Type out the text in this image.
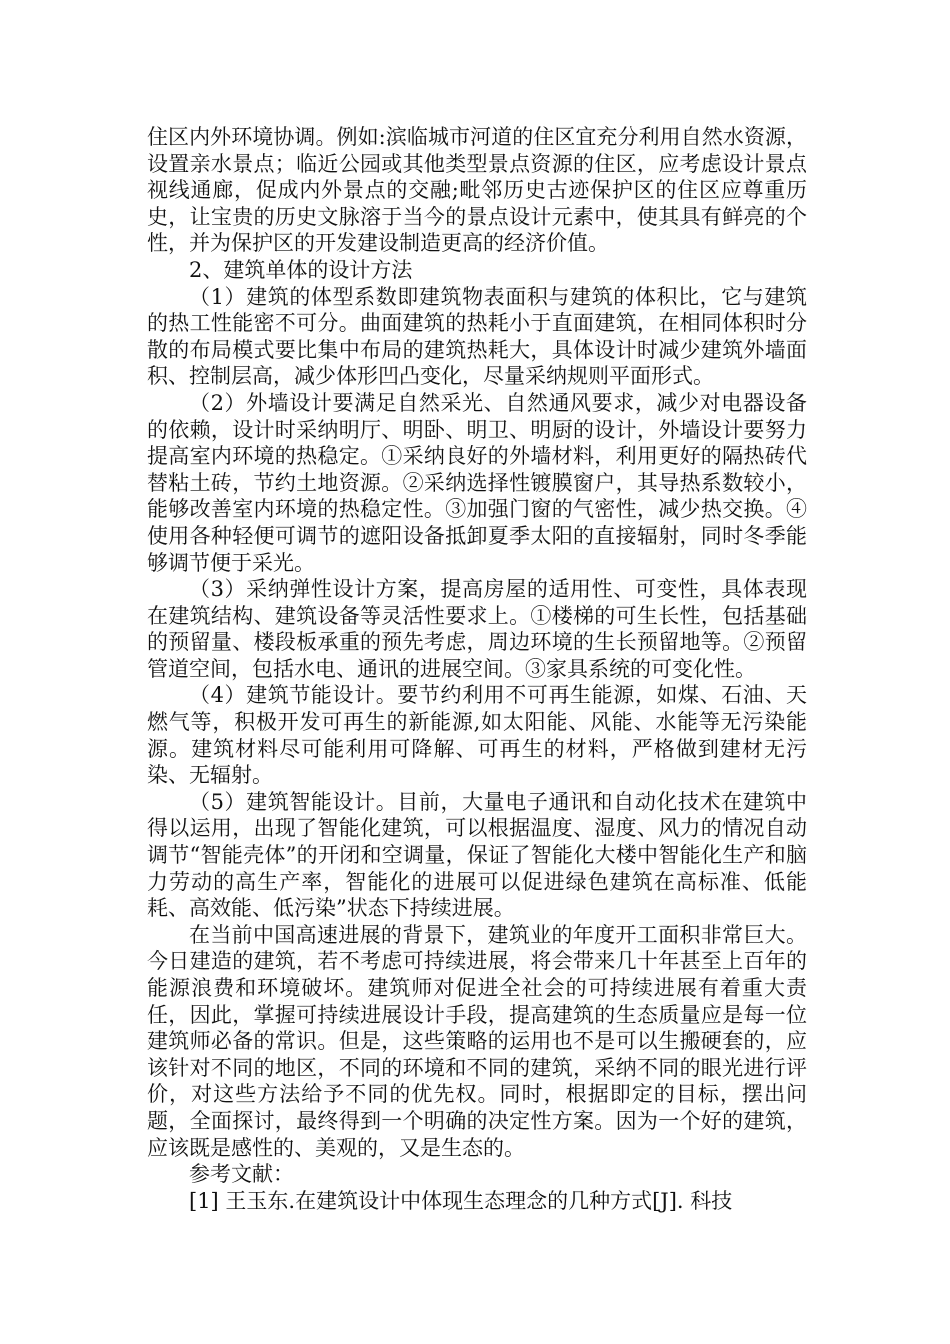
住区内外环境协调。例如:滨临城市河道的住区宜充分利用自然水资源，设置亲水景点；临近公园或其他类型景点资源的住区，应考虑设计景点视线通廊，促成内外景点的交融;毗邻历史古迹保护区的住区应尊重历史，让宝贵的历史文脉溶于当今的景点设计元素中，使其具有鲜亮的个性，并为保护区的开发建设制造更高的经济价值。

2、建筑单体的设计方法

（1）建筑的体型系数即建筑物表面积与建筑的体积比，它与建筑的热工性能密不可分。曲面建筑的热耗小于直面建筑，在相同体积时分散的布局模式要比集中布局的建筑热耗大，具体设计时减少建筑外墙面积、控制层高，减少体形凹凸变化，尽量采纳规则平面形式。

（2）外墙设计要满足自然采光、自然通风要求，减少对电器设备的依赖，设计时采纳明厅、明卧、明卫、明厨的设计，外墙设计要努力提高室内环境的热稳定。①采纳良好的外墙材料，利用更好的隔热砖代替粘土砖，节约土地资源。②采纳选择性镀膜窗户，其导热系数较小，能够改善室内环境的热稳定性。③加强门窗的气密性，减少热交换。④使用各种轻便可调节的遮阳设备抵卸夏季太阳的直接辐射，同时冬季能够调节便于采光。

（3）采纳弹性设计方案，提高房屋的适用性、可变性，具体表现在建筑结构、建筑设备等灵活性要求上。①楼梯的可生长性，包括基础的预留量、楼段板承重的预先考虑，周边环境的生长预留地等。②预留管道空间，包括水电、通讯的进展空间。③家具系统的可变化性。

（4）建筑节能设计。要节约利用不可再生能源，如煤、石油、天燃气等，积极开发可再生的新能源,如太阳能、风能、水能等无污染能源。建筑材料尽可能利用可降解、可再生的材料，严格做到建材无污染、无辐射。

（5）建筑智能设计。目前，大量电子通讯和自动化技术在建筑中得以运用，出现了智能化建筑，可以根据温度、湿度、风力的情况自动调节“智能壳体”的开闭和空调量，保证了智能化大楼中智能化生产和脑力劳动的高生产率，智能化的进展可以促进绿色建筑在高标准、低能耗、高效能、低污染”状态下持续进展。

在当前中国高速进展的背景下，建筑业的年度开工面积非常巨大。今日建造的建筑，若不考虑可持续进展，将会带来几十年甚至上百年的能源浪费和环境破坏。建筑师对促进全社会的可持续进展有着重大责任，因此，掌握可持续进展设计手段，提高建筑的生态质量应是每一位建筑师必备的常识。但是，这些策略的运用也不是可以生搬硬套的，应该针对不同的地区，不同的环境和不同的建筑，采纳不同的眼光进行评价，对这些方法给予不同的优先权。同时，根据即定的目标，摆出问题，全面探讨，最终得到一个明确的决定性方案。因为一个好的建筑，应该既是感性的、美观的，又是生态的。

参考文献：

[1] 王玉东.在建筑设计中体现生态理念的几种方式[J]. 科技
